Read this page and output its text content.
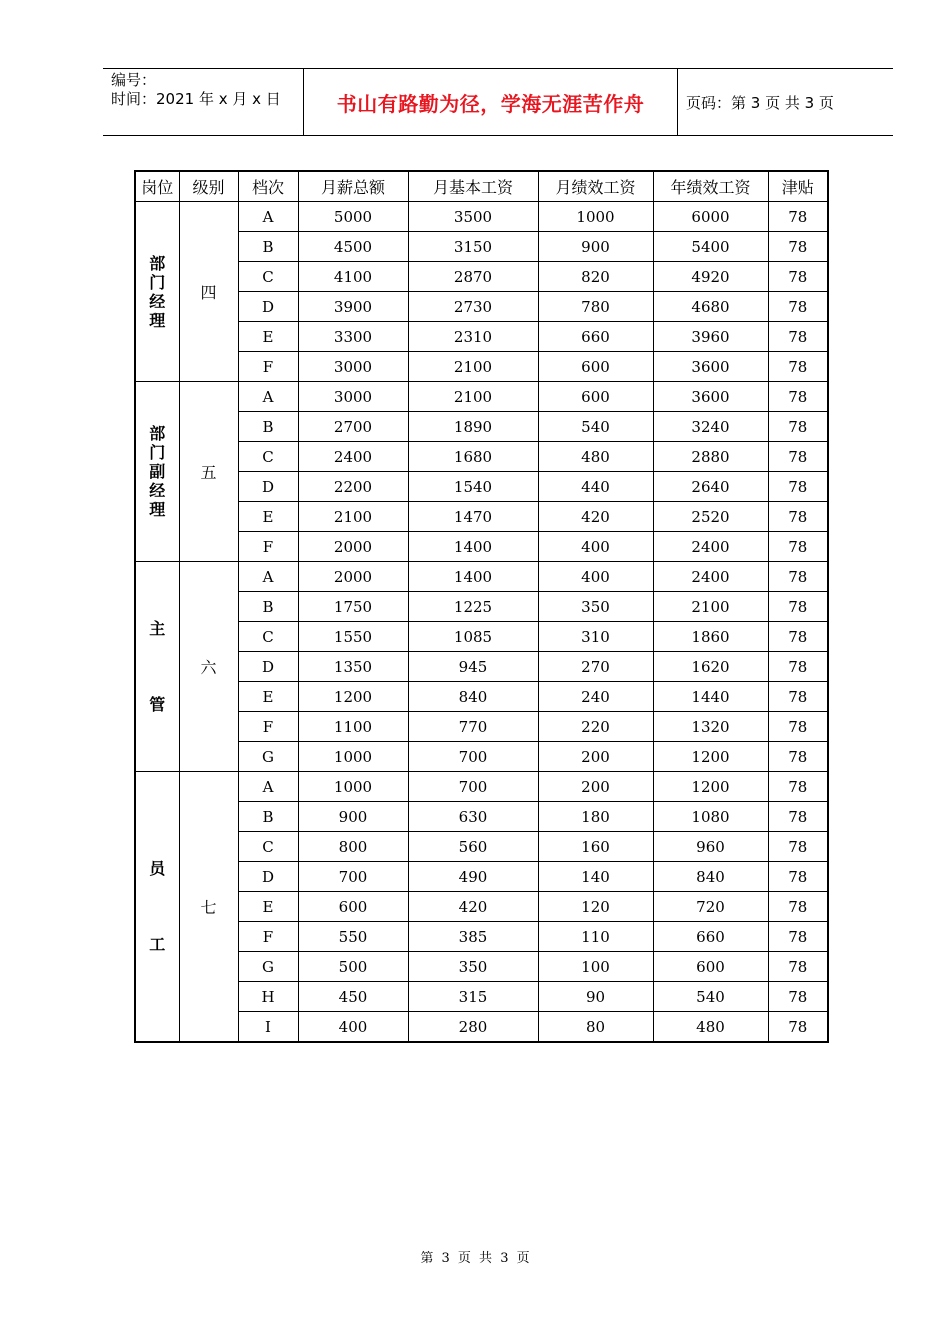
编号：
时间：2021 年 x 月 x 日	书山有路勤为径，学海无涯苦作舟	页码：第 3 页 共 3 页
岗位	级别	档次	月薪总额	月基本工资	月绩效工资	年绩效工资	津贴

部
门
经
理	四	A	5000	3500	1000	6000	78
		B	4500	3150	900	5400	78
		C	4100	2870	820	4920	78
		D	3900	2730	780	4680	78
		E	3300	2310	660	3960	78
		F	3000	2100	600	3600	78

部
门
副
经
理	五	A	3000	2100	600	3600	78
		B	2700	1890	540	3240	78
		C	2400	1680	480	2880	78
		D	2200	1540	440	2640	78
		E	2100	1470	420	2520	78
		F	2000	1400	400	2400	78

主
管	六	A	2000	1400	400	2400	78
		B	1750	1225	350	2100	78
		C	1550	1085	310	1860	78
		D	1350	945	270	1620	78
		E	1200	840	240	1440	78
		F	1100	770	220	1320	78
		G	1000	700	200	1200	78

员
工	七	A	1000	700	200	1200	78
		B	900	630	180	1080	78
		C	800	560	160	960	78
		D	700	490	140	840	78
		E	600	420	120	720	78
		F	550	385	110	660	78
		G	500	350	100	600	78
		H	450	315	90	540	78
		I	400	280	80	480	78
第 3 页 共 3 页
